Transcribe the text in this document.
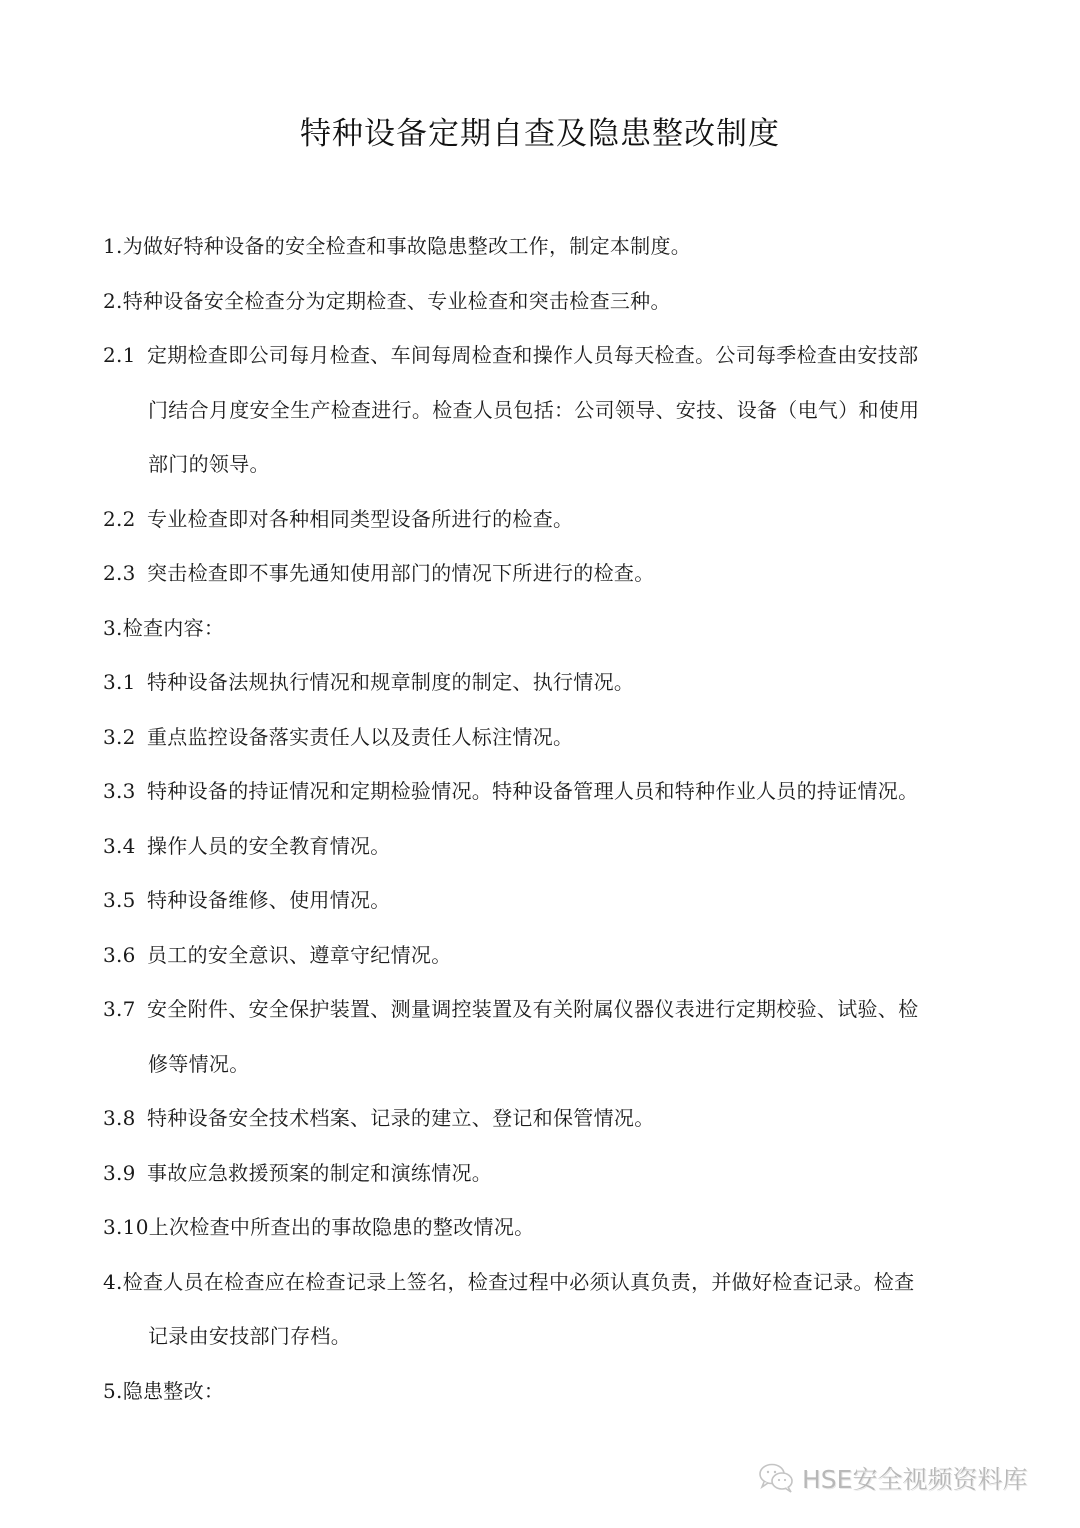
特种设备定期自查及隐患整改制度

1.为做好特种设备的安全检查和事故隐患整改工作，制定本制度。

2.特种设备安全检查分为定期检查、专业检查和突击检查三种。

2.1定期检查即公司每月检查、车间每周检查和操作人员每天检查。公司每季检查由安技部

门结合月度安全生产检查进行。检查人员包括：公司领导、安技、设备（电气）和使用

部门的领导。

2.2专业检查即对各种相同类型设备所进行的检查。

2.3突击检查即不事先通知使用部门的情况下所进行的检查。

3.检查内容：

3.1特种设备法规执行情况和规章制度的制定、执行情况。

3.2重点监控设备落实责任人以及责任人标注情况。

3.3特种设备的持证情况和定期检验情况。特种设备管理人员和特种作业人员的持证情况。

3.4操作人员的安全教育情况。

3.5特种设备维修、使用情况。

3.6员工的安全意识、遵章守纪情况。

3.7安全附件、安全保护装置、测量调控装置及有关附属仪器仪表进行定期校验、试验、检

修等情况。

3.8特种设备安全技术档案、记录的建立、登记和保管情况。

3.9事故应急救援预案的制定和演练情况。

3.10上次检查中所查出的事故隐患的整改情况。

4.检查人员在检查应在检查记录上签名，检查过程中必须认真负责，并做好检查记录。检查

记录由安技部门存档。

5.隐患整改：

HSE安全视频资料库
